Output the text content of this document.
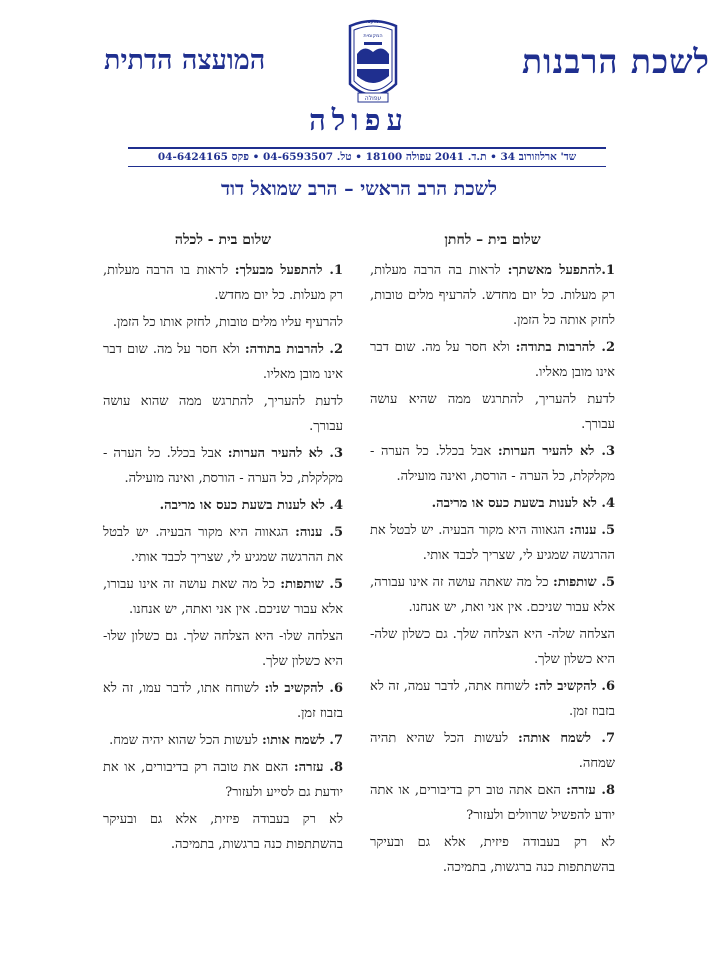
לשכת הרבנות
המועצה הדתית
המועצה
המקומית
עפולה
עפולה
שד' ארלוזורוב 34 • ת.ד. 2041 עפולה 18100 • טל. 04-6593507 • פקס 04-6424165
לשכת הרב הראשי – הרב שמואל דוד
שלום בית – לחתן

1.להתפעל מאשתך: לראות בה הרבה מעלות, רק מעלות. כל יום מחדש. להרעיף מלים טובות, לחזק אותה כל הזמן.

2. להרבות בתודה: ולא חסר על מה. שום דבר אינו מובן מאליו.

לדעת להעריך, להתרגש ממה שהיא עושה עבורך.

3. לא להעיר הערות: אבל בכלל. כל הערה - מקלקלת, כל הערה - הורסת, ואינה מועילה.

4. לא לענות בשעת כעס או מריבה.

5. ענוה: הגאווה היא מקור הבעיה. יש לבטל את ההרגשה שמגיע לי, שצריך לכבד אותי.

5. שותפות: כל מה שאתה עושה זה אינו עבורה, אלא עבור שניכם. אין אני ואת, יש אנחנו.

הצלחה שלה- היא הצלחה שלך. גם כשלון שלה- היא כשלון שלך.

6. להקשיב לה: לשוחח אתה, לדבר עמה, זה לא בזבוז זמן.

7. לשמח אותה: לעשות הכל שהיא תהיה שמחה.

8. עזרה: האם אתה טוב רק בדיבורים, או אתה יודע להפשיל שרוולים ולעזור?

לא רק בעבודה פיזית, אלא גם ובעיקר בהשתתפות כנה ברגשות, בתמיכה.

שלום בית - לכלה

1. להתפעל מבעלך: לראות בו הרבה מעלות, רק מעלות. כל יום מחדש.

להרעיף עליו מלים טובות, לחזק אותו כל הזמן.

2. להרבות בתודה: ולא חסר על מה. שום דבר אינו מובן מאליו.

לדעת להעריך, להתרגש ממה שהוא עושה עבורך.

3. לא להעיר הערות: אבל בכלל. כל הערה - מקלקלת, כל הערה - הורסת, ואינה מועילה.

4. לא לענות בשעת כעס או מריבה.

5. ענוה: הגאווה היא מקור הבעיה. יש לבטל את ההרגשה שמגיע לי, שצריך לכבד אותי.

5. שותפות: כל מה שאת עושה זה אינו עבורו, אלא עבור שניכם. אין אני ואתה, יש אנחנו.

הצלחה שלו- היא הצלחה שלך. גם כשלון שלו- היא כשלון שלך.

6. להקשיב לו: לשוחח אתו, לדבר עמו, זה לא בזבוז זמן.

7. לשמח אותו: לעשות הכל שהוא יהיה שמח.

8. עזרה: האם את טובה רק בדיבורים, או את יודעת גם לסייע ולעזור?

לא רק בעבודה פיזית, אלא גם ובעיקר בהשתתפות כנה ברגשות, בתמיכה.
